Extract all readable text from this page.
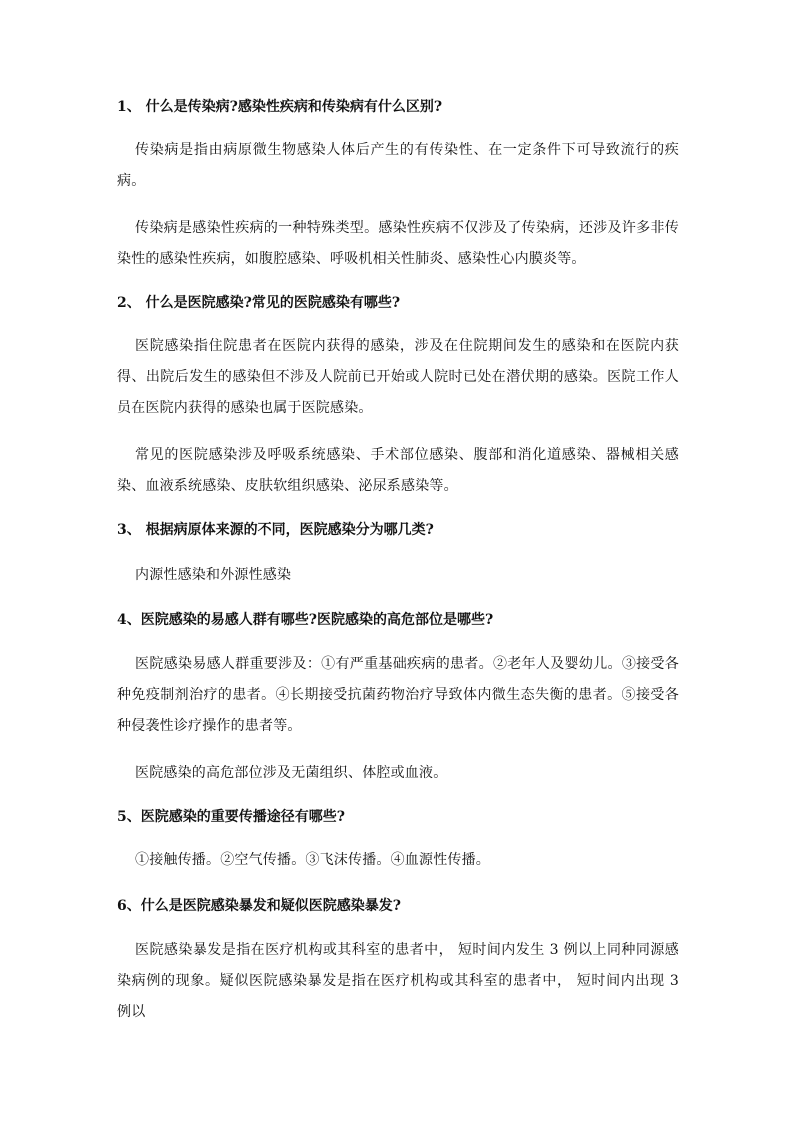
1、 什么是传染病?感染性疾病和传染病有什么区别?
传染病是指由病原微生物感染人体后产生的有传染性、在一定条件下可导致流行的疾病。
传染病是感染性疾病的一种特殊类型。感染性疾病不仅涉及了传染病，还涉及许多非传染性的感染性疾病，如腹腔感染、呼吸机相关性肺炎、感染性心内膜炎等。
2、 什么是医院感染?常见的医院感染有哪些?
医院感染指住院患者在医院内获得的感染，涉及在住院期间发生的感染和在医院内获得、出院后发生的感染但不涉及人院前已开始或人院时已处在潜伏期的感染。医院工作人员在医院内获得的感染也属于医院感染。
常见的医院感染涉及呼吸系统感染、手术部位感染、腹部和消化道感染、器械相关感染、血液系统感染、皮肤软组织感染、泌尿系感染等。
3、 根据病原体来源的不同，医院感染分为哪几类?
内源性感染和外源性感染
4、医院感染的易感人群有哪些?医院感染的高危部位是哪些?
医院感染易感人群重要涉及：①有严重基础疾病的患者。②老年人及婴幼儿。③接受各种免疫制剂治疗的患者。④长期接受抗菌药物治疗导致体内微生态失衡的患者。⑤接受各种侵袭性诊疗操作的患者等。
医院感染的高危部位涉及无菌组织、体腔或血液。
5、医院感染的重要传播途径有哪些?
①接触传播。②空气传播。③飞沫传播。④血源性传播。
6、什么是医院感染暴发和疑似医院感染暴发?
医院感染暴发是指在医疗机构或其科室的患者中， 短时间内发生 3 例以上同种同源感染病例的现象。疑似医院感染暴发是指在医疗机构或其科室的患者中， 短时间内出现 3 例以
